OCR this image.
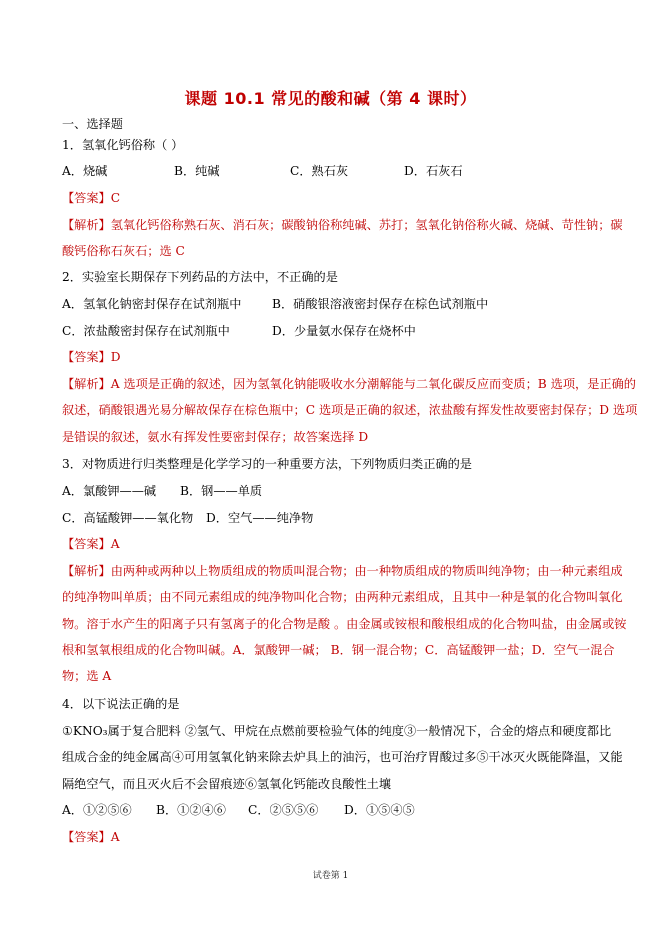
课题 10.1 常见的酸和碱（第 4 课时）
一、选择题
1．氢氧化钙俗称（ ）
A．烧碱	B．纯碱	C．熟石灰	D．石灰石
【答案】C
【解析】氢氧化钙俗称熟石灰、消石灰；碳酸钠俗称纯碱、苏打；氢氧化钠俗称火碱、烧碱、苛性钠；碳
酸钙俗称石灰石；选 C
2．实验室长期保存下列药品的方法中，不正确的是
A．氢氧化钠密封保存在试剂瓶中	B．硝酸银溶液密封保存在棕色试剂瓶中
C．浓盐酸密封保存在试剂瓶中	D．少量氨水保存在烧杯中
【答案】D
【解析】A 选项是正确的叙述，因为氢氧化钠能吸收水分潮解能与二氧化碳反应而变质；B 选项，是正确的
叙述，硝酸银遇光易分解故保存在棕色瓶中；C 选项是正确的叙述，浓盐酸有挥发性故要密封保存；D 选项
是错误的叙述，氨水有挥发性要密封保存；故答案选择 D
3．对物质进行归类整理是化学学习的一种重要方法，下列物质归类正确的是
A．氯酸钾——碱 B．钢——单质
C．高锰酸钾——氧化物 D．空气——纯净物
【答案】A
【解析】由两种或两种以上物质组成的物质叫混合物；由一种物质组成的物质叫纯净物；由一种元素组成
的纯净物叫单质；由不同元素组成的纯净物叫化合物；由两种元素组成，且其中一种是氧的化合物叫氧化
物。溶于水产生的阳离子只有氢离子的化合物是酸 。由金属或铵根和酸根组成的化合物叫盐，由金属或铵
根和氢氧根组成的化合物叫碱。A．氯酸钾一碱； B．钢一混合物；C．高锰酸钾一盐；D．空气一混合
物；选 A
4．以下说法正确的是
①KNO₃属于复合肥料 ②氢气、甲烷在点燃前要检验气体的纯度③一般情况下，合金的熔点和硬度都比
组成合金的纯金属高④可用氢氧化钠来除去炉具上的油污，也可治疗胃酸过多⑤干冰灭火既能降温，又能
隔绝空气，而且灭火后不会留痕迹⑥氢氧化钙能改良酸性土壤
A．①②⑤⑥ B．①②④⑥ C．②⑤⑤⑥ D．①⑤④⑤
【答案】A
试卷第 1
